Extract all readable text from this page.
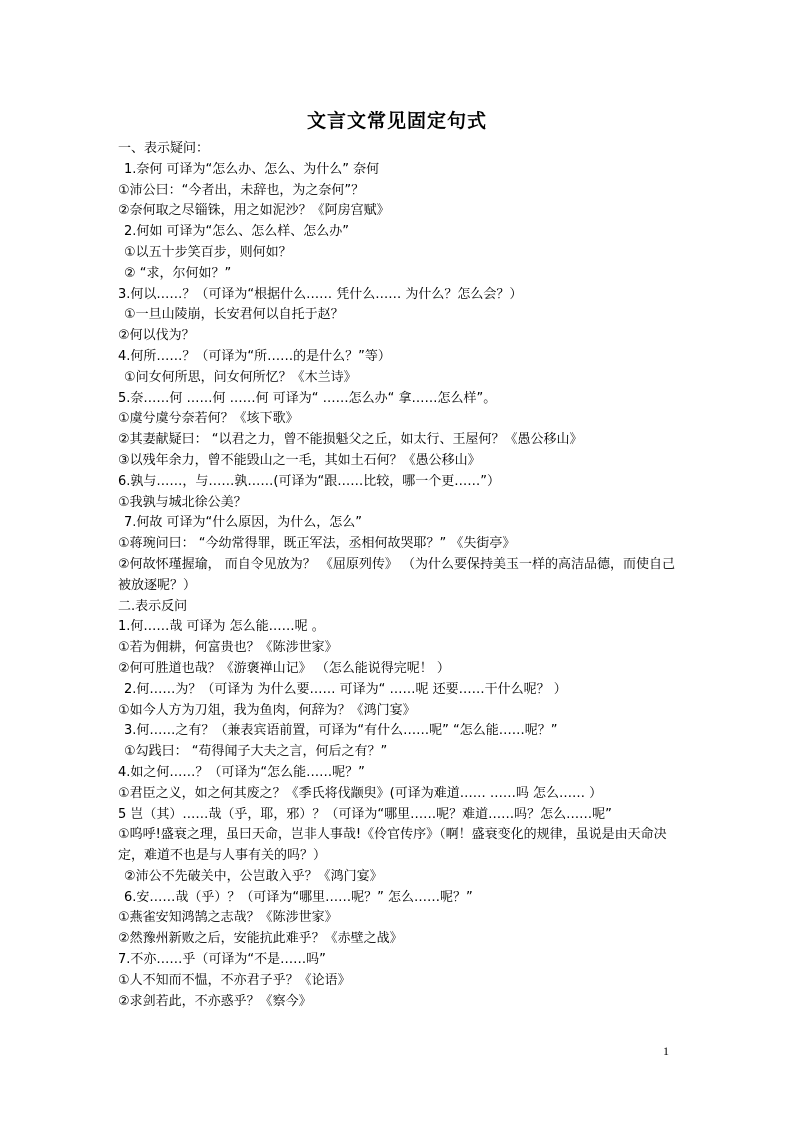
文言文常见固定句式
一、表示疑问：
1.奈何 可译为“怎么办、怎么、为什么” 奈何
①沛公曰：“今者出，未辞也，为之奈何”？
②奈何取之尽锱铢，用之如泥沙？《阿房宫赋》
2.何如 可译为“怎么、怎么样、怎么办”
①以五十步笑百步，则何如？
② “求，尔何如？”
3.何以……？（可译为“根据什么…… 凭什么…… 为什么？怎么会？）
①一旦山陵崩，长安君何以自托于赵？
②何以伐为？
4.何所……？（可译为“所……的是什么？”等）
①问女何所思，问女何所忆？《木兰诗》
5.奈……何 ……何 ……何 可译为“ ……怎么办“ 拿……怎么样”。
①虞兮虞兮奈若何？《垓下歌》
②其妻献疑曰： “以君之力，曾不能损魁父之丘，如太行、王屋何？《愚公移山》
③以残年余力，曾不能毁山之一毛，其如土石何？《愚公移山》
6.孰与……，与……孰……(可译为“跟……比较，哪一个更……”）
①我孰与城北徐公美？
7.何故 可译为“什么原因，为什么，怎么”
①蒋琬问曰： “今幼常得罪，既正军法，丞相何故哭耶？” 《失街亭》
②何故怀瑾握瑜， 而自令见放为？ 《屈原列传》 （为什么要保持美玉一样的高洁品德，而使自己被放逐呢？）
二.表示反问
1.何……哉 可译为 怎么能……呢 。
①若为佣耕，何富贵也？《陈涉世家》
②何可胜道也哉？《游褒禅山记》 （怎么能说得完呢！ ）
2.何……为？（可译为 为什么要…… 可译为“ ……呢 还要……干什么呢？ ）
①如今人方为刀俎，我为鱼肉，何辞为？《鸿门宴》
3.何……之有？（兼表宾语前置，可译为“有什么……呢” “怎么能……呢？”
①勾践曰： “苟得闻子大夫之言，何后之有？”
4.如之何……？（可译为“怎么能……呢？”
①君臣之义，如之何其废之？《季氏将伐颛臾》(可译为难道…… ……吗 怎么…… ）
5 岂（其）……哉（乎，耶，邪）？（可译为“哪里……呢？难道……吗？怎么……呢”
①呜呼!盛衰之理，虽曰天命，岂非人事哉!《伶官传序》（啊！盛衰变化的规律，虽说是由天命决定，难道不也是与人事有关的吗？）
②沛公不先破关中，公岂敢入乎？《鸿门宴》
6.安……哉（乎）？（可译为“哪里……呢？” 怎么……呢？”
①燕雀安知鸿鹄之志哉？《陈涉世家》
②然豫州新败之后，安能抗此难乎？《赤壁之战》
7.不亦……乎（可译为“不是……吗”
①人不知而不愠，不亦君子乎？《论语》
②求剑若此，不亦惑乎？《察今》
1
